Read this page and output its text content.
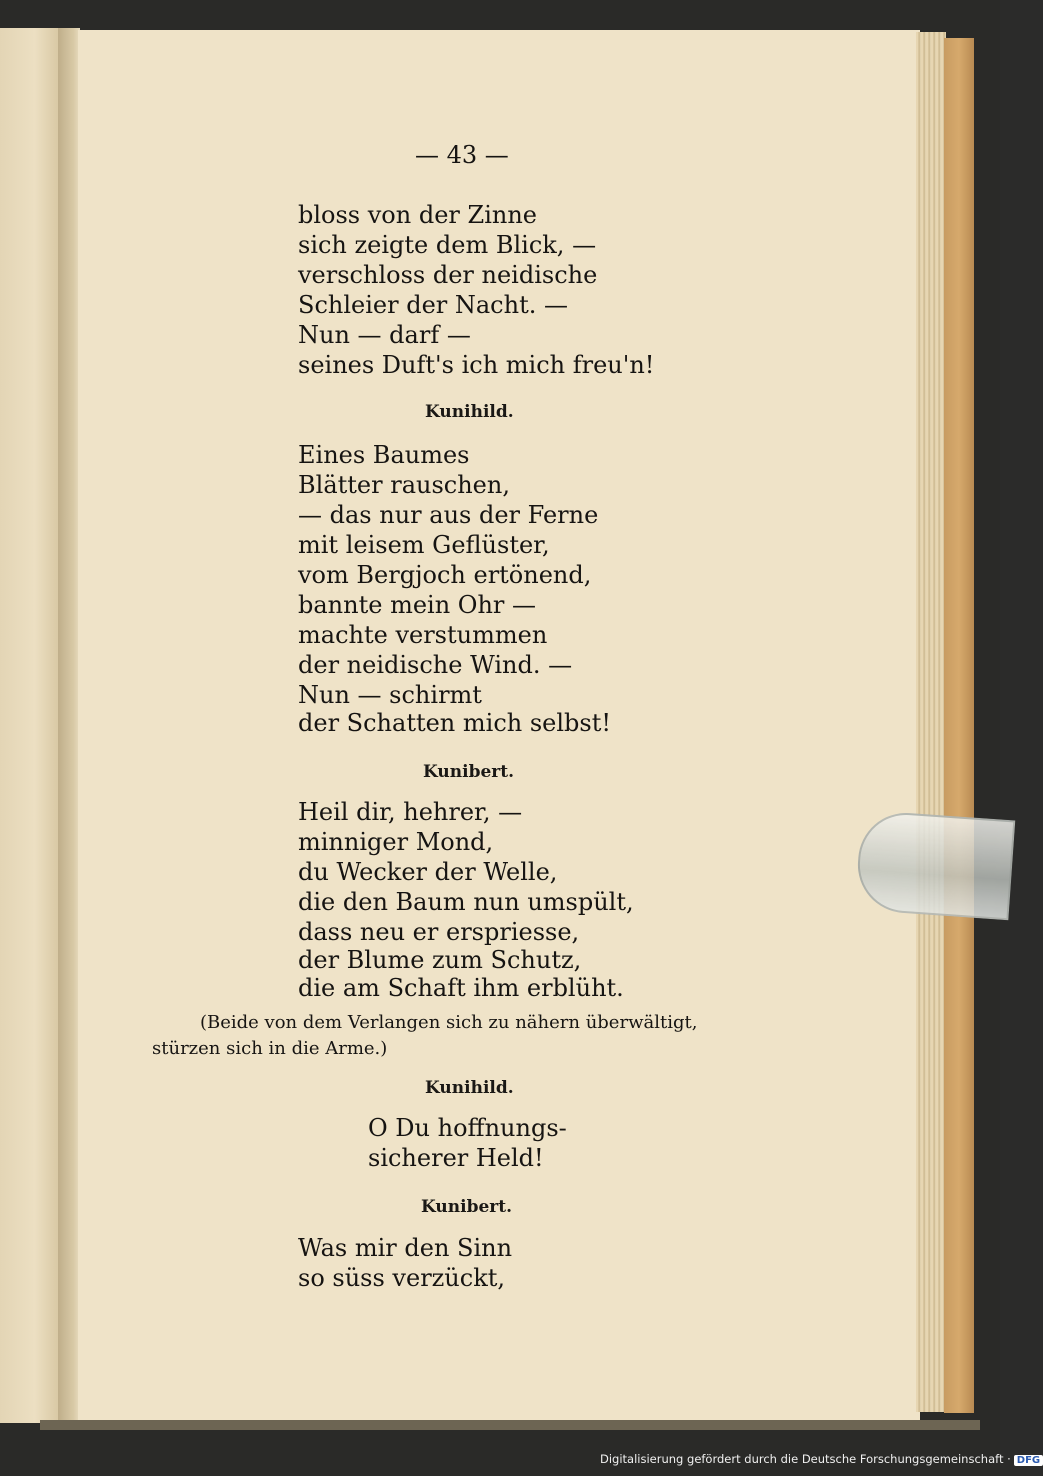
— 43 —
bloss von der Zinne
sich zeigte dem Blick, —
verschloss der neidische
Schleier der Nacht. —
Nun — darf —
seines Duft's ich mich freu'n!
Kunihild.
Eines Baumes
Blätter rauschen,
— das nur aus der Ferne
mit leisem Geflüster,
vom Bergjoch ertönend,
bannte mein Ohr —
machte verstummen
der neidische Wind. —
Nun — schirmt
der Schatten mich selbst!
Kunibert.
Heil dir, hehrer, —
minniger Mond,
du Wecker der Welle,
die den Baum nun umspült,
dass neu er erspriesse,
der Blume zum Schutz,
die am Schaft ihm erblüht.
(Beide von dem Verlangen sich zu nähern überwältigt,
stürzen sich in die Arme.)
Kunihild.
O Du hoffnungs-
sicherer Held!
Kunibert.
Was mir den Sinn
so süss verzückt,
Digitalisierung gefördert durch die Deutsche Forschungsgemeinschaft · DFG
